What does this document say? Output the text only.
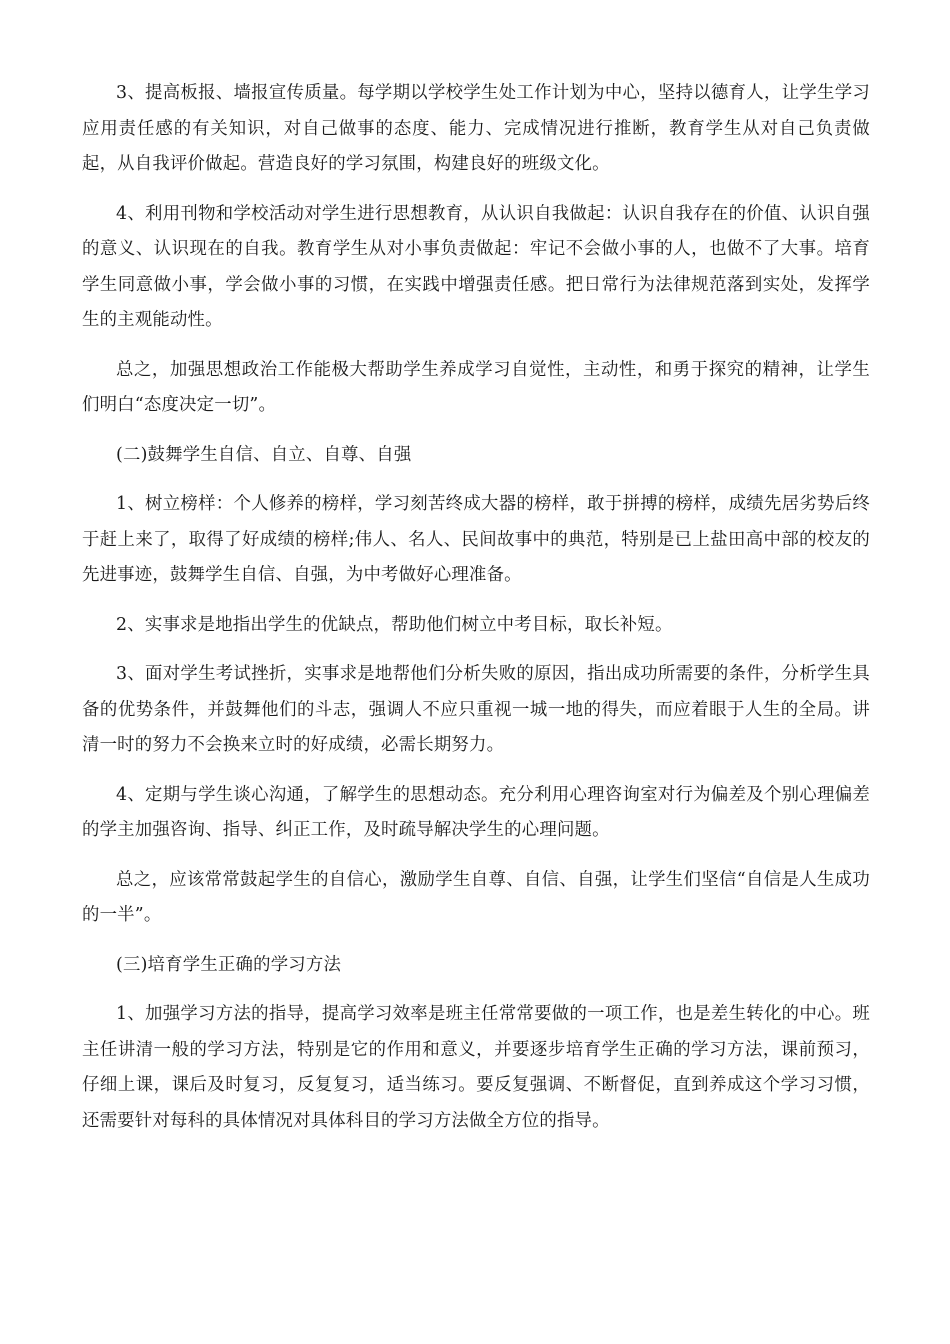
3、提高板报、墙报宣传质量。每学期以学校学生处工作计划为中心，坚持以德育人，让学生学习应用责任感的有关知识，对自己做事的态度、能力、完成情况进行推断，教育学生从对自己负责做起，从自我评价做起。营造良好的学习氛围，构建良好的班级文化。

4、利用刊物和学校活动对学生进行思想教育，从认识自我做起：认识自我存在的价值、认识自强的意义、认识现在的自我。教育学生从对小事负责做起：牢记不会做小事的人，也做不了大事。培育学生同意做小事，学会做小事的习惯，在实践中增强责任感。把日常行为法律规范落到实处，发挥学生的主观能动性。

总之，加强思想政治工作能极大帮助学生养成学习自觉性，主动性，和勇于探究的精神，让学生们明白“态度决定一切”。

(二)鼓舞学生自信、自立、自尊、自强

1、树立榜样：个人修养的榜样，学习刻苦终成大器的榜样，敢于拼搏的榜样，成绩先居劣势后终于赶上来了，取得了好成绩的榜样;伟人、名人、民间故事中的典范，特别是已上盐田高中部的校友的先进事迹，鼓舞学生自信、自强，为中考做好心理准备。

2、实事求是地指出学生的优缺点，帮助他们树立中考目标，取长补短。

3、面对学生考试挫折，实事求是地帮他们分析失败的原因，指出成功所需要的条件，分析学生具备的优势条件，并鼓舞他们的斗志，强调人不应只重视一城一地的得失，而应着眼于人生的全局。讲清一时的努力不会换来立时的好成绩，必需长期努力。

4、定期与学生谈心沟通，了解学生的思想动态。充分利用心理咨询室对行为偏差及个别心理偏差的学主加强咨询、指导、纠正工作，及时疏导解决学生的心理问题。

总之，应该常常鼓起学生的自信心，激励学生自尊、自信、自强，让学生们坚信“自信是人生成功的一半”。

(三)培育学生正确的学习方法

1、加强学习方法的指导，提高学习效率是班主任常常要做的一项工作，也是差生转化的中心。班主任讲清一般的学习方法，特别是它的作用和意义，并要逐步培育学生正确的学习方法，课前预习，仔细上课，课后及时复习，反复复习，适当练习。要反复强调、不断督促，直到养成这个学习习惯，还需要针对每科的具体情况对具体科目的学习方法做全方位的指导。
